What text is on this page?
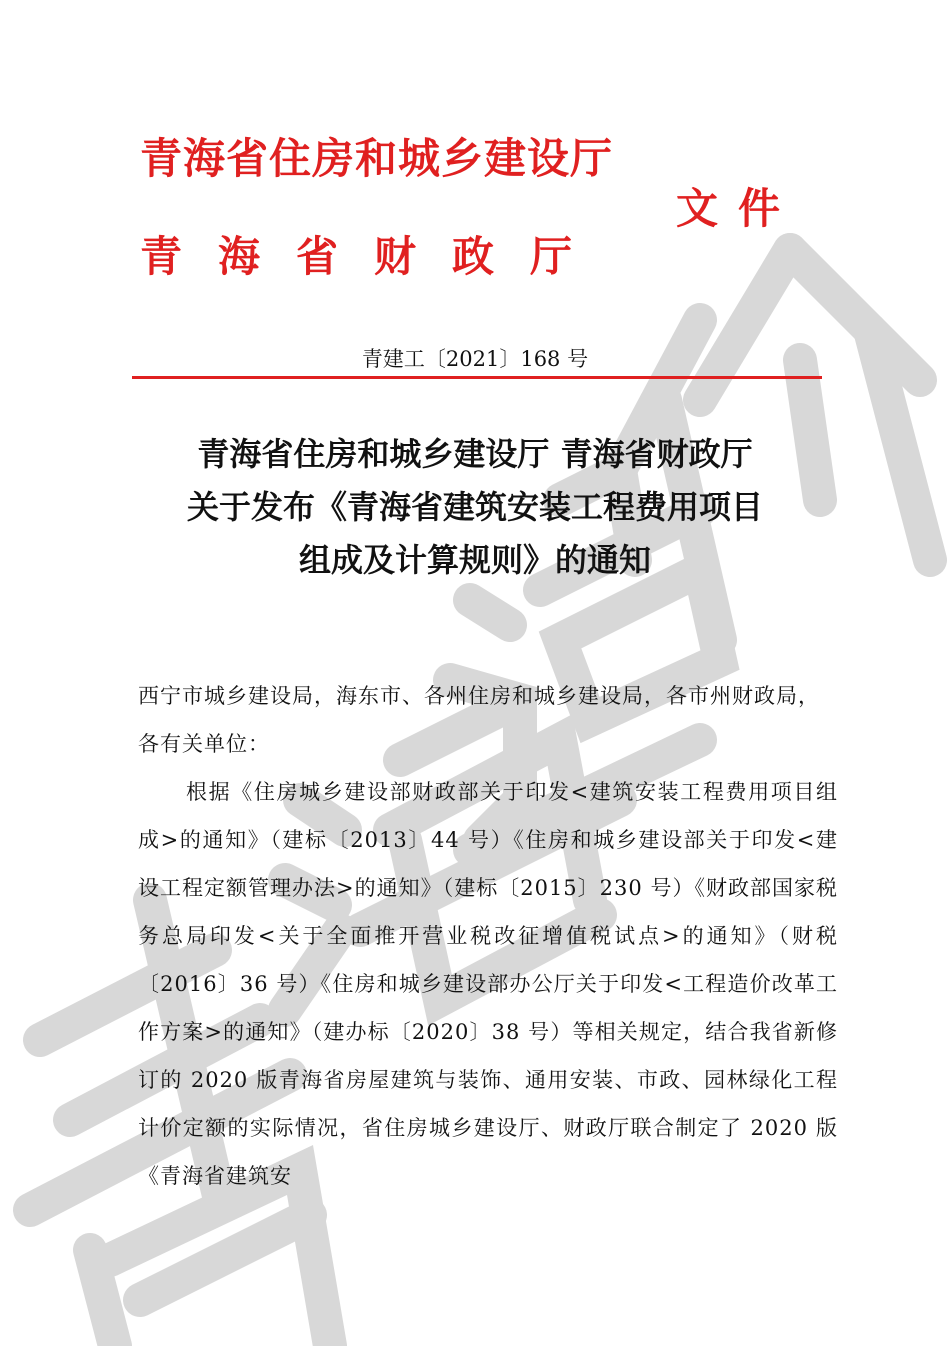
青海省住房和城乡建设厅
青海省财政厅
文件
青建工〔2021〕168 号
青海省住房和城乡建设厅 青海省财政厅
关于发布《青海省建筑安装工程费用项目
组成及计算规则》的通知
西宁市城乡建设局，海东市、各州住房和城乡建设局，各市州财政局，各有关单位：
根据《住房城乡建设部财政部关于印发<建筑安装工程费用项目组成>的通知》（建标〔2013〕44 号）《住房和城乡建设部关于印发<建设工程定额管理办法>的通知》（建标〔2015〕230 号）《财政部国家税务总局印发<关于全面推开营业税改征增值税试点>的通知》（财税〔2016〕36 号）《住房和城乡建设部办公厅关于印发<工程造价改革工作方案>的通知》（建办标〔2020〕38 号）等相关规定，结合我省新修订的 2020 版青海省房屋建筑与装饰、通用安装、市政、园林绿化工程计价定额的实际情况，省住房城乡建设厅、财政厅联合制定了 2020 版《青海省建筑安
